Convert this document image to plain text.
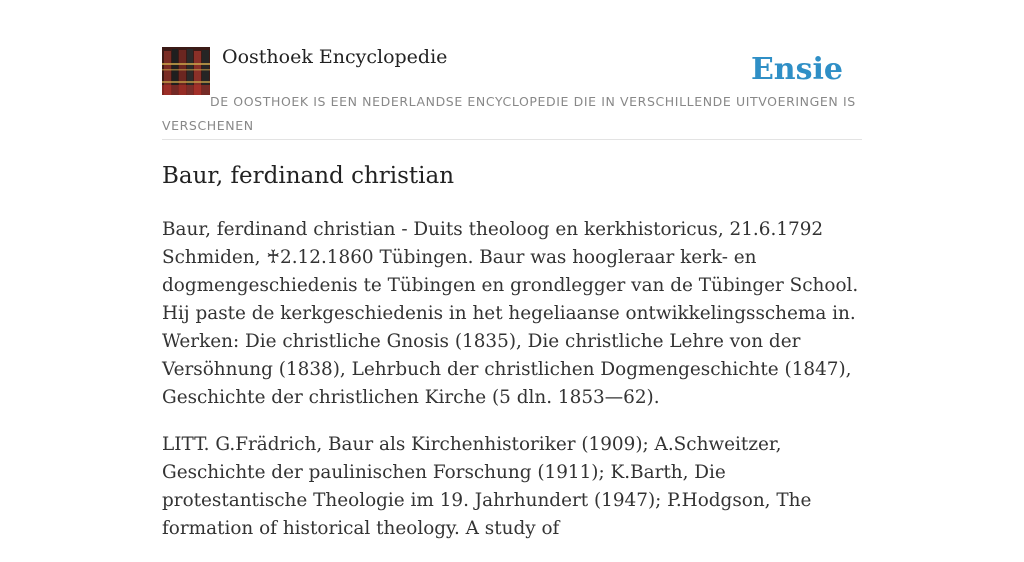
Oosthoek Encyclopedie	Ensie
DE OOSTHOEK IS EEN NEDERLANDSE ENCYCLOPEDIE DIE IN VERSCHILLENDE UITVOERINGEN IS VERSCHENEN
Baur, ferdinand christian

Baur, ferdinand christian - Duits theoloog en kerkhistoricus, 21.6.1792 Schmiden, ♰2.12.1860 Tübingen. Baur was hoogleraar kerk- en dogmengeschiedenis te Tübingen en grondlegger van de Tübinger School. Hij paste de kerkgeschiedenis in het hegeliaanse ontwikkelingsschema in. Werken: Die christliche Gnosis (1835), Die christliche Lehre von der Versöhnung (1838), Lehrbuch der christlichen Dogmengeschichte (1847), Geschichte der christlichen Kirche (5 dln. 1853—62).

LITT. G.Frädrich, Baur als Kirchenhistoriker (1909); A.Schweitzer, Geschichte der paulinischen Forschung (1911); K.Barth, Die protestantische Theologie im 19. Jahrhundert (1947); P.Hodgson, The formation of historical theology. A study of
